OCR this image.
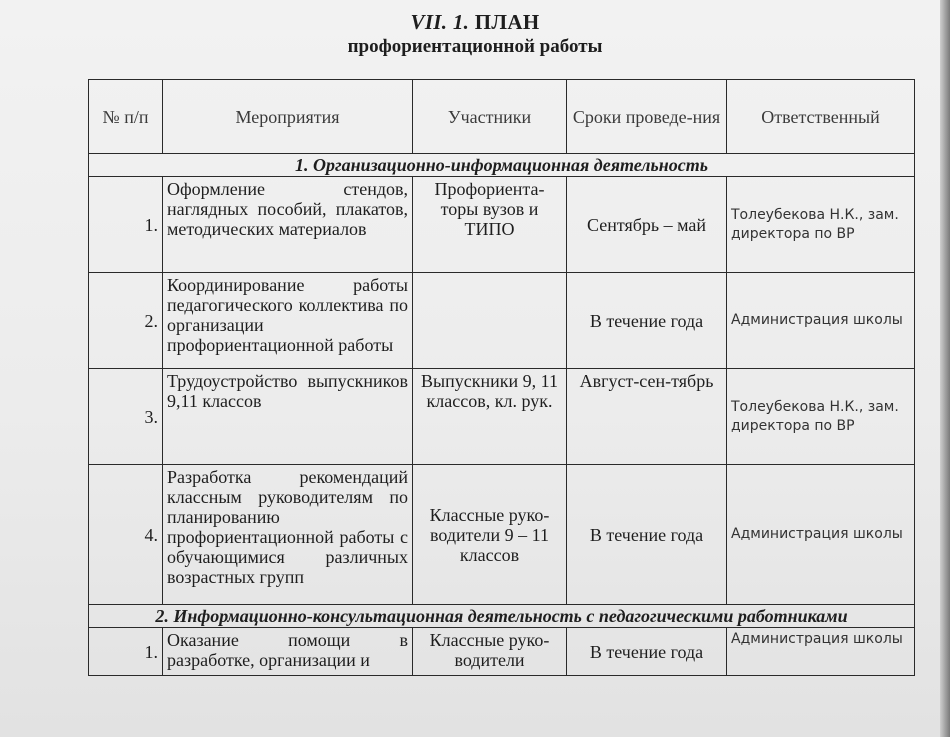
VII. 1. ПЛАН
профориентационной работы
№ п/п	Мероприятия	Участники	Сроки проведе-ния	Ответственный
1. Организационно-информационная деятельность				
1.	Оформление стендов, наглядных пособий, плакатов, методических материалов	Профориента-торы вузов и ТИПО	Сентябрь – май	Толеубекова Н.К., зам. директора по ВР
2.	Координирование работы педагогического коллектива по организации профориентационной работы		В течение года	Администрация школы
3.	Трудоустройство выпускников 9,11 классов	Выпускники 9, 11 классов, кл. рук.	Август-сен-тябрь	Толеубекова Н.К., зам. директора по ВР
4.	Разработка рекомендаций классным руководителям по планированию профориентационной работы с обучающимися различных возрастных групп	Классные руко-водители 9 – 11 классов	В течение года	Администрация школы
2. Информационно-консультационная деятельность с педагогическими работниками				
1.	Оказание помощи в разработке, организации и	Классные руко-водители	В течение года	Администрация школы
